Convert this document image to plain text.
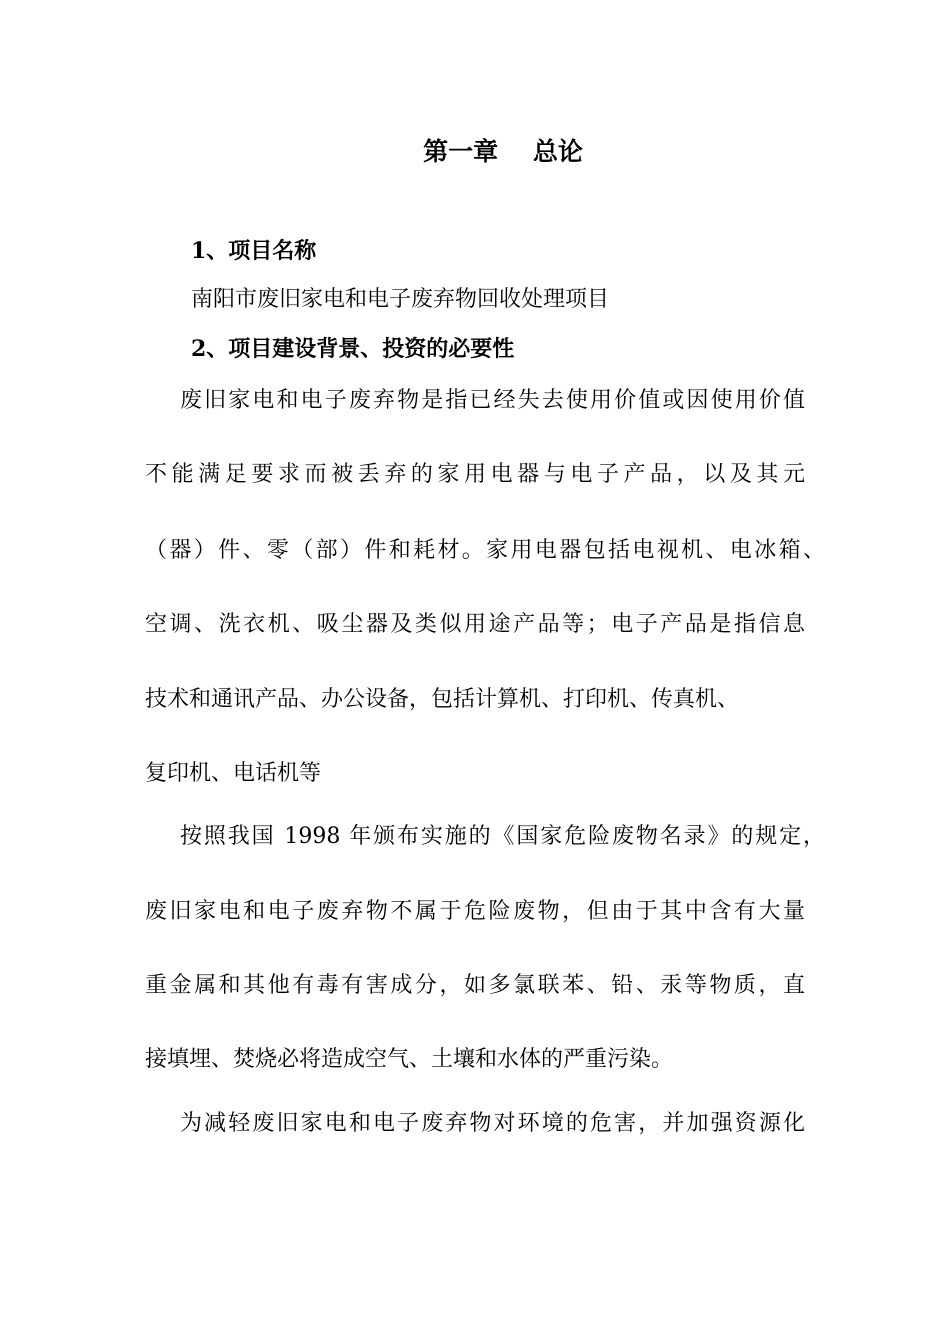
第一章    总论
1、项目名称
南阳市废旧家电和电子废弃物回收处理项目
2、项目建设背景、投资的必要性
废旧家电和电子废弃物是指已经失去使用价值或因使用价值
不能满足要求而被丢弃的家用电器与电子产品，以及其元
（器）件、零（部）件和耗材。家用电器包括电视机、电冰箱、
空调、洗衣机、吸尘器及类似用途产品等；电子产品是指信息
技术和通讯产品、办公设备，包括计算机、打印机、传真机、
复印机、电话机等
按照我国 1998 年颁布实施的《国家危险废物名录》的规定，
废旧家电和电子废弃物不属于危险废物，但由于其中含有大量
重金属和其他有毒有害成分，如多氯联苯、铅、汞等物质，直
接填埋、焚烧必将造成空气、土壤和水体的严重污染。
为减轻废旧家电和电子废弃物对环境的危害，并加强资源化
